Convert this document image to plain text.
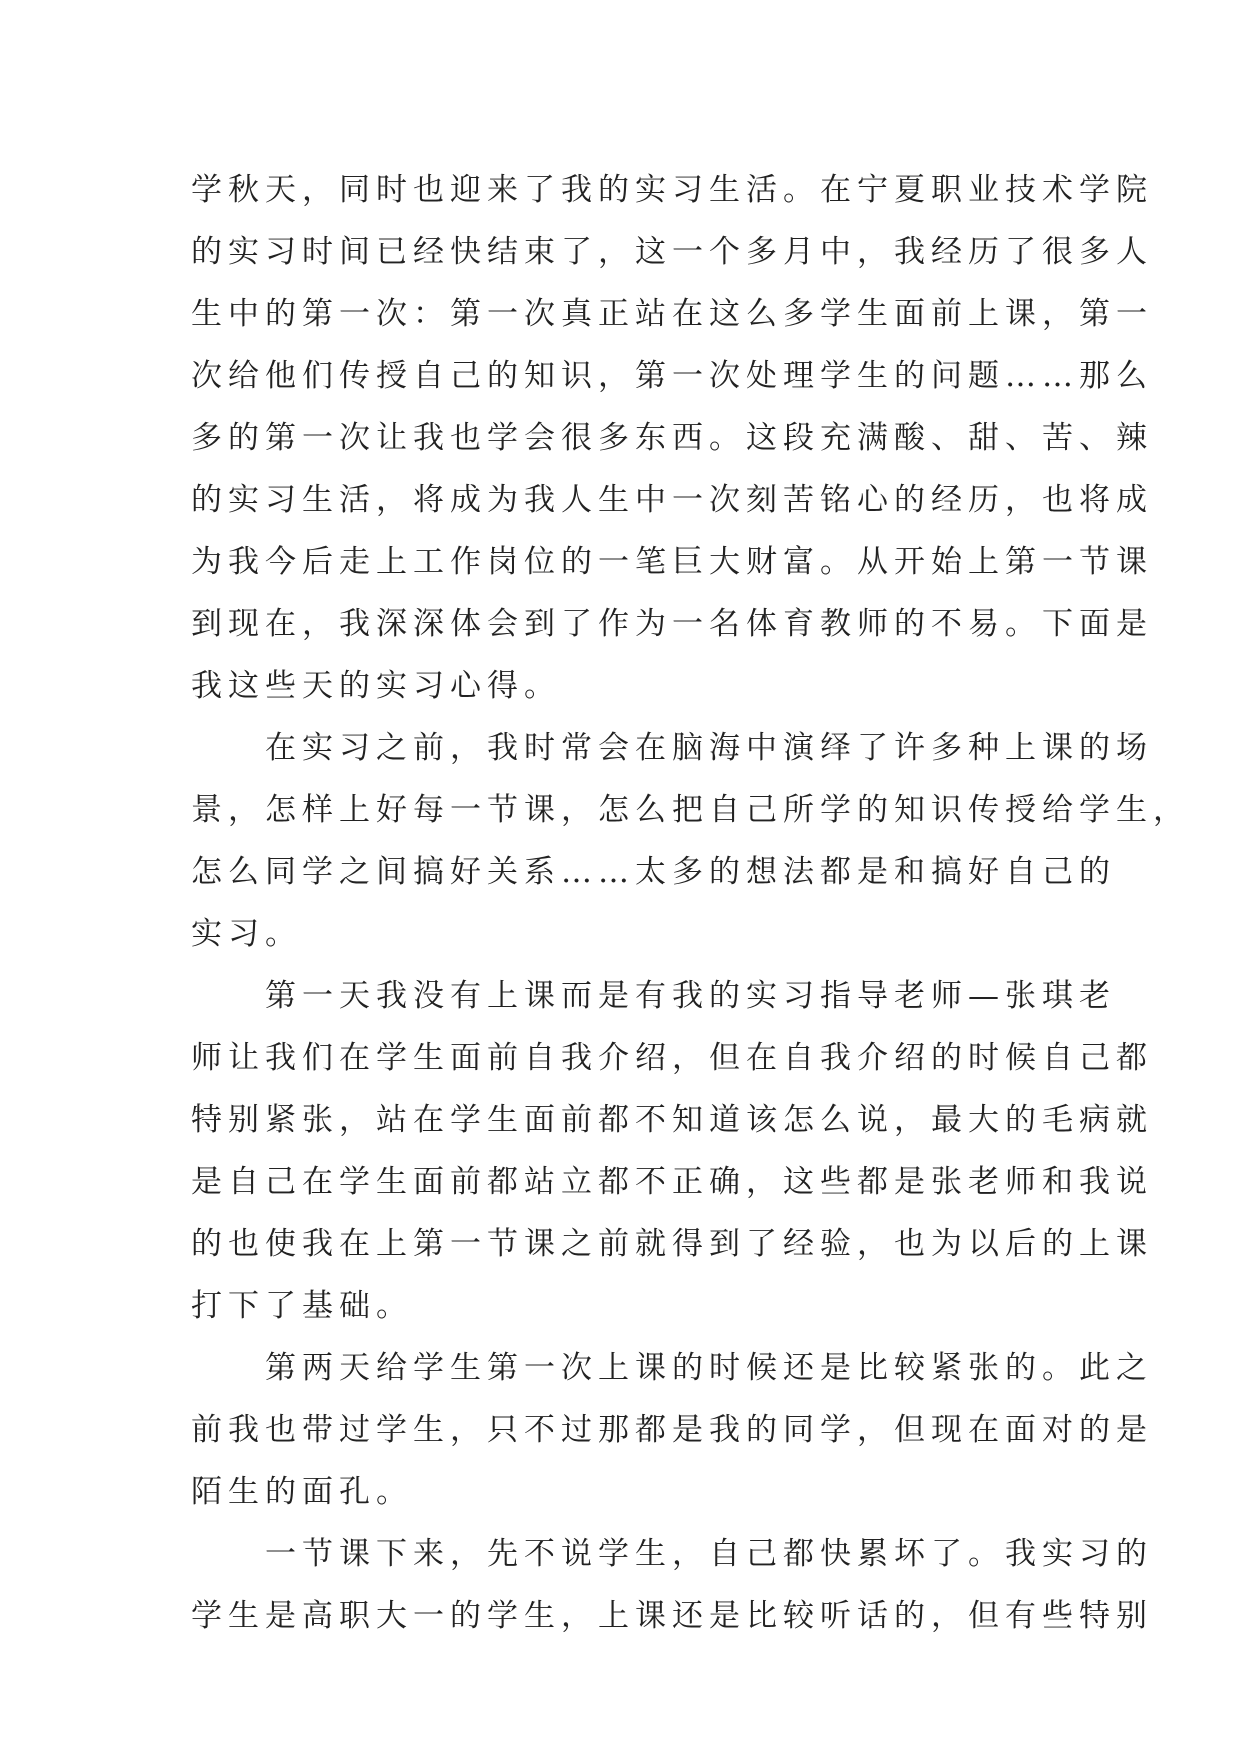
学秋天，同时也迎来了我的实习生活。在宁夏职业技术学院
的实习时间已经快结束了，这一个多月中，我经历了很多人
生中的第一次：第一次真正站在这么多学生面前上课，第一
次给他们传授自己的知识，第一次处理学生的问题……那么
多的第一次让我也学会很多东西。这段充满酸、甜、苦、辣
的实习生活，将成为我人生中一次刻苦铭心的经历，也将成
为我今后走上工作岗位的一笔巨大财富。从开始上第一节课
到现在，我深深体会到了作为一名体育教师的不易。下面是
我这些天的实习心得。
在实习之前，我时常会在脑海中演绎了许多种上课的场
景，怎样上好每一节课，怎么把自己所学的知识传授给学生，
怎么同学之间搞好关系……太多的想法都是和搞好自己的
实习。
第一天我没有上课而是有我的实习指导老师—张琪老
师让我们在学生面前自我介绍，但在自我介绍的时候自己都
特别紧张，站在学生面前都不知道该怎么说，最大的毛病就
是自己在学生面前都站立都不正确，这些都是张老师和我说
的也使我在上第一节课之前就得到了经验，也为以后的上课
打下了基础。
第两天给学生第一次上课的时候还是比较紧张的。此之
前我也带过学生，只不过那都是我的同学，但现在面对的是
陌生的面孔。
一节课下来，先不说学生，自己都快累坏了。我实习的
学生是高职大一的学生，上课还是比较听话的，但有些特别
